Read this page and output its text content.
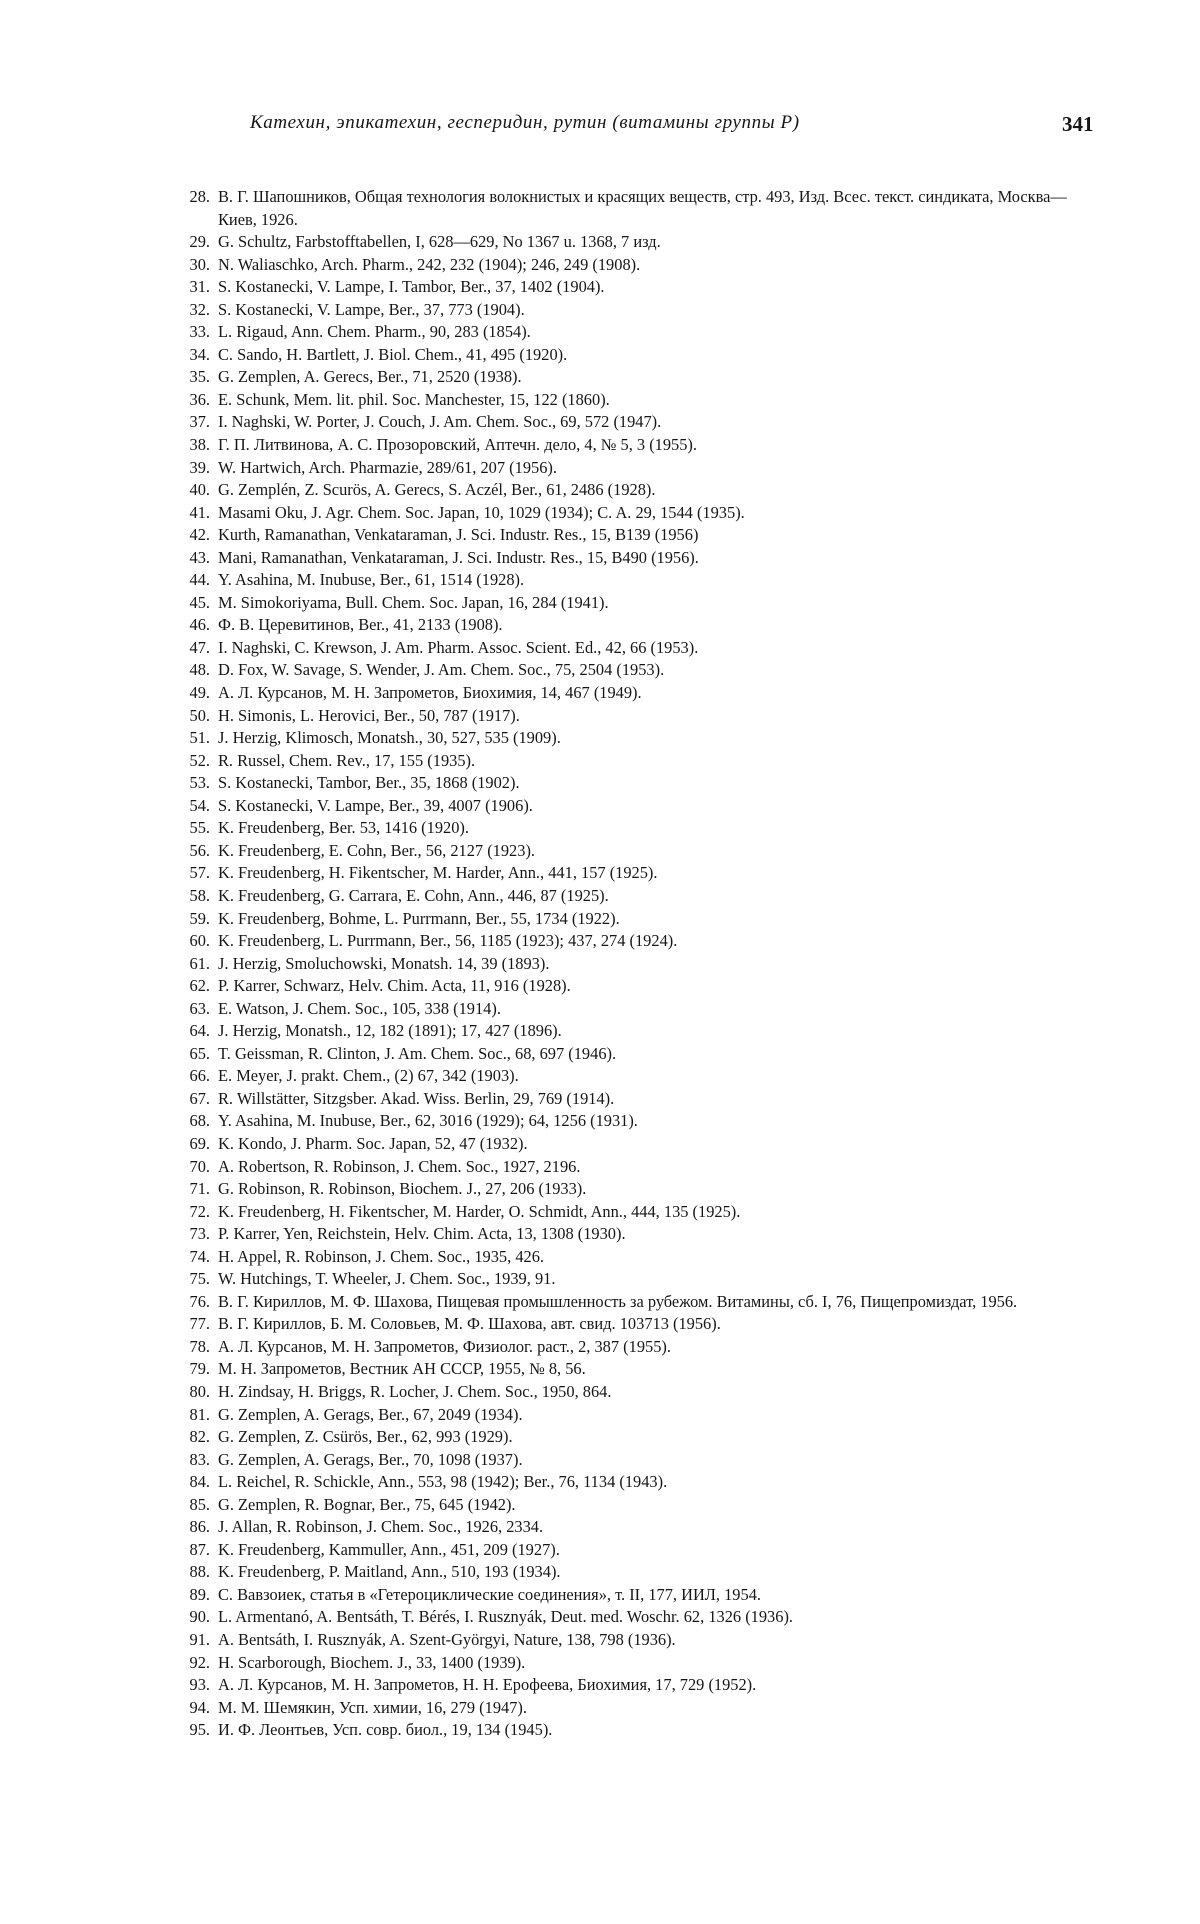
Катехин, эпикатехин, гесперидин, рутин (витамины группы Р)	341
28. В. Г. Шапошников, Общая технология волокнистых и красящих веществ, стр. 493, Изд. Всес. текст. синдиката, Москва—Киев, 1926.
29. G. Schultz, Farbstofftabellen, I, 628—629, No 1367 u. 1368, 7 изд.
30. N. Waliaschko, Arch. Pharm., 242, 232 (1904); 246, 249 (1908).
31. S. Kostanecki, V. Lampe, I. Tambor, Ber., 37, 1402 (1904).
32. S. Kostanecki, V. Lampe, Ber., 37, 773 (1904).
33. L. Rigaud, Ann. Chem. Pharm., 90, 283 (1854).
34. C. Sando, H. Bartlett, J. Biol. Chem., 41, 495 (1920).
35. G. Zemplen, A. Gerecs, Ber., 71, 2520 (1938).
36. E. Schunk, Mem. lit. phil. Soc. Manchester, 15, 122 (1860).
37. I. Naghski, W. Porter, J. Couch, J. Am. Chem. Soc., 69, 572 (1947).
38. Г. П. Литвинова, А. С. Прозоровский, Аптечн. дело, 4, № 5, 3 (1955).
39. W. Hartwich, Arch. Pharmazie, 289/61, 207 (1956).
40. G. Zemplén, Z. Scurös, A. Gerecs, S. Aczél, Ber., 61, 2486 (1928).
41. Masami Oku, J. Agr. Chem. Soc. Japan, 10, 1029 (1934); C. A. 29, 1544 (1935).
42. Kurth, Ramanathan, Venkataraman, J. Sci. Industr. Res., 15, B139 (1956)
43. Mani, Ramanathan, Venkataraman, J. Sci. Industr. Res., 15, B490 (1956).
44. Y. Asahina, M. Inubuse, Ber., 61, 1514 (1928).
45. M. Simokoriyama, Bull. Chem. Soc. Japan, 16, 284 (1941).
46. Ф. В. Церевитинов, Ber., 41, 2133 (1908).
47. I. Naghski, C. Krewson, J. Am. Pharm. Assoc. Scient. Ed., 42, 66 (1953).
48. D. Fox, W. Savage, S. Wender, J. Am. Chem. Soc., 75, 2504 (1953).
49. А. Л. Курсанов, М. Н. Запрометов, Биохимия, 14, 467 (1949).
50. H. Simonis, L. Herovici, Ber., 50, 787 (1917).
51. J. Herzig, Klimosch, Monatsh., 30, 527, 535 (1909).
52. R. Russel, Chem. Rev., 17, 155 (1935).
53. S. Kostanecki, Tambor, Ber., 35, 1868 (1902).
54. S. Kostanecki, V. Lampe, Ber., 39, 4007 (1906).
55. K. Freudenberg, Ber. 53, 1416 (1920).
56. K. Freudenberg, E. Cohn, Ber., 56, 2127 (1923).
57. K. Freudenberg, H. Fikentscher, M. Harder, Ann., 441, 157 (1925).
58. K. Freudenberg, G. Carrara, E. Cohn, Ann., 446, 87 (1925).
59. K. Freudenberg, Bohme, L. Purrmann, Ber., 55, 1734 (1922).
60. K. Freudenberg, L. Purrmann, Ber., 56, 1185 (1923); 437, 274 (1924).
61. J. Herzig, Smoluchowski, Monatsh. 14, 39 (1893).
62. P. Karrer, Schwarz, Helv. Chim. Acta, 11, 916 (1928).
63. E. Watson, J. Chem. Soc., 105, 338 (1914).
64. J. Herzig, Monatsh., 12, 182 (1891); 17, 427 (1896).
65. T. Geissman, R. Clinton, J. Am. Chem. Soc., 68, 697 (1946).
66. E. Meyer, J. prakt. Chem., (2) 67, 342 (1903).
67. R. Willstätter, Sitzgsber. Akad. Wiss. Berlin, 29, 769 (1914).
68. Y. Asahina, M. Inubuse, Ber., 62, 3016 (1929); 64, 1256 (1931).
69. K. Kondo, J. Pharm. Soc. Japan, 52, 47 (1932).
70. A. Robertson, R. Robinson, J. Chem. Soc., 1927, 2196.
71. G. Robinson, R. Robinson, Biochem. J., 27, 206 (1933).
72. K. Freudenberg, H. Fikentscher, M. Harder, O. Schmidt, Ann., 444, 135 (1925).
73. P. Karrer, Yen, Reichstein, Helv. Chim. Acta, 13, 1308 (1930).
74. H. Appel, R. Robinson, J. Chem. Soc., 1935, 426.
75. W. Hutchings, T. Wheeler, J. Chem. Soc., 1939, 91.
76. В. Г. Кириллов, М. Ф. Шахова, Пищевая промышленность за рубежом. Витамины, сб. I, 76, Пищепромиздат, 1956.
77. В. Г. Кириллов, Б. М. Соловьев, М. Ф. Шахова, авт. свид. 103713 (1956).
78. А. Л. Курсанов, М. Н. Запрометов, Физиолог. раст., 2, 387 (1955).
79. М. Н. Запрометов, Вестник АН СССР, 1955, № 8, 56.
80. H. Zindsay, H. Briggs, R. Locher, J. Chem. Soc., 1950, 864.
81. G. Zemplen, A. Gerags, Ber., 67, 2049 (1934).
82. G. Zemplen, Z. Csürös, Ber., 62, 993 (1929).
83. G. Zemplen, A. Gerags, Ber., 70, 1098 (1937).
84. L. Reichel, R. Schickle, Ann., 553, 98 (1942); Ber., 76, 1134 (1943).
85. G. Zemplen, R. Bognar, Ber., 75, 645 (1942).
86. J. Allan, R. Robinson, J. Chem. Soc., 1926, 2334.
87. K. Freudenberg, Kammuller, Ann., 451, 209 (1927).
88. K. Freudenberg, P. Maitland, Ann., 510, 193 (1934).
89. С. Вавзоиек, статья в «Гетероциклические соединения», т. II, 177, ИИЛ, 1954.
90. L. Armentanó, A. Bentsáth, T. Bérés, I. Rusznyák, Deut. med. Woschr. 62, 1326 (1936).
91. A. Bentsáth, I. Rusznyák, A. Szent-Györgyi, Nature, 138, 798 (1936).
92. H. Scarborough, Biochem. J., 33, 1400 (1939).
93. А. Л. Курсанов, М. Н. Запрометов, Н. Н. Ерофеева, Биохимия, 17, 729 (1952).
94. М. М. Шемякин, Усп. химии, 16, 279 (1947).
95. И. Ф. Леонтьев, Усп. совр. биол., 19, 134 (1945).
